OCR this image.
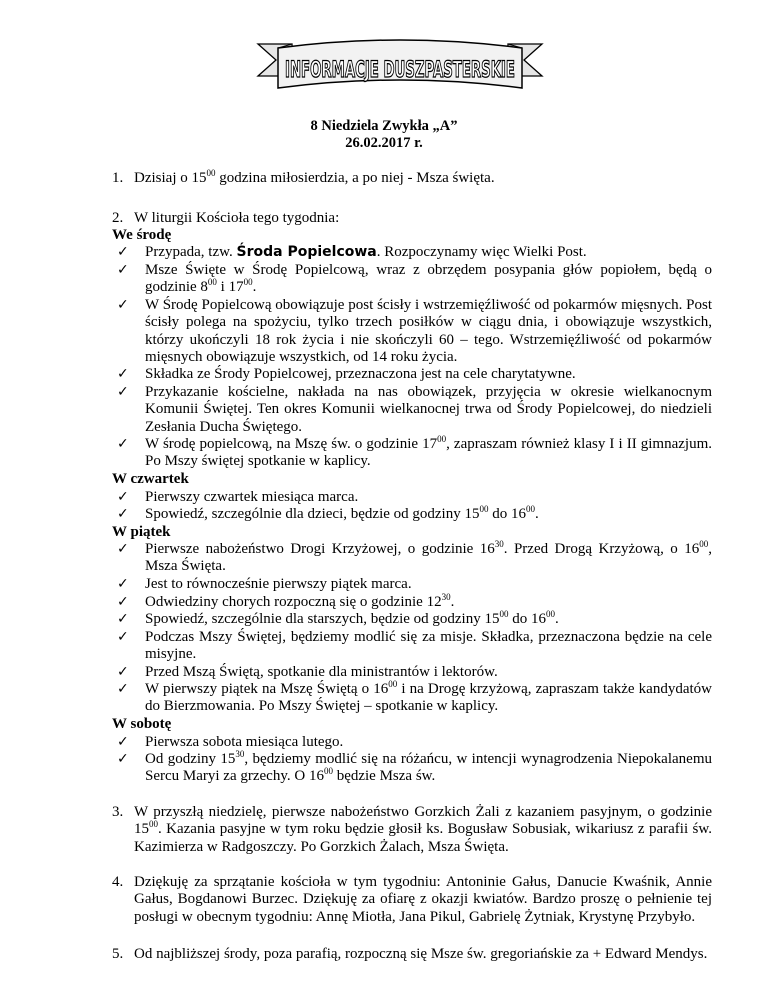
INFORMACJE DUSZPASTERSKIE
8 Niedziela Zwykła „A”
26.02.2017 r.
1. Dzisiaj o $15^{00}$ godzina miłosierdzia, a po niej - Msza święta.
2. W liturgii Kościoła tego tygodnia:
We środę
✓ Przypada, tzw. Środa Popielcowa. Rozpoczynamy więc Wielki Post.
✓ Msze Święte w Środę Popielcową, wraz z obrzędem posypania głów popiołem, będą o godzinie $8^{00}$ i $17^{00}$.
✓ W Środę Popielcową obowiązuje post ścisły i wstrzemięźliwość od pokarmów mięsnych. Post ścisły polega na spożyciu, tylko trzech posiłków w ciągu dnia, i obowiązuje wszystkich, którzy ukończyli 18 rok życia i nie skończyli 60 – tego. Wstrzemięźliwość od pokarmów mięsnych obowiązuje wszystkich, od 14 roku życia.
✓ Składka ze Środy Popielcowej, przeznaczona jest na cele charytatywne.
✓ Przykazanie kościelne, nakłada na nas obowiązek, przyjęcia w okresie wielkanocnym Komunii Świętej. Ten okres Komunii wielkanocnej trwa od Środy Popielcowej, do niedzieli Zesłania Ducha Świętego.
✓ W środę popielcową, na Mszę św. o godzinie $17^{00}$, zapraszam również klasy I i II gimnazjum. Po Mszy świętej spotkanie w kaplicy.
W czwartek
✓ Pierwszy czwartek miesiąca marca.
✓ Spowiedź, szczególnie dla dzieci, będzie od godziny $15^{00}$ do $16^{00}$.
W piątek
✓ Pierwsze nabożeństwo Drogi Krzyżowej, o godzinie $16^{30}$. Przed Drogą Krzyżową, o $16^{00}$, Msza Święta.
✓ Jest to równocześnie pierwszy piątek marca.
✓ Odwiedziny chorych rozpoczną się o godzinie $12^{30}$.
✓ Spowiedź, szczególnie dla starszych, będzie od godziny $15^{00}$ do $16^{00}$.
✓ Podczas Mszy Świętej, będziemy modlić się za misje. Składka, przeznaczona będzie na cele misyjne.
✓ Przed Mszą Świętą, spotkanie dla ministrantów i lektorów.
✓ W pierwszy piątek na Mszę Świętą o $16^{00}$ i na Drogę krzyżową, zapraszam także kandydatów do Bierzmowania. Po Mszy Świętej – spotkanie w kaplicy.
W sobotę
✓ Pierwsza sobota miesiąca lutego.
✓ Od godziny $15^{30}$, będziemy modlić się na różańcu, w intencji wynagrodzenia Niepokalanemu Sercu Maryi za grzechy. O $16^{00}$ będzie Msza św.
3. W przyszłą niedzielę, pierwsze nabożeństwo Gorzkich Żali z kazaniem pasyjnym, o godzinie $15^{00}$. Kazania pasyjne w tym roku będzie głosił ks. Bogusław Sobusiak, wikariusz z parafii św. Kazimierza w Radgoszczy. Po Gorzkich Żalach, Msza Święta.
4. Dziękuję za sprzątanie kościoła w tym tygodniu: Antoninie Gałus, Danucie Kwaśnik, Annie Gałus, Bogdanowi Burzec. Dziękuję za ofiarę z okazji kwiatów. Bardzo proszę o pełnienie tej posługi w obecnym tygodniu: Annę Miotła, Jana Pikul, Gabrielę Żytniak, Krystynę Przybyło.
5. Od najbliższej środy, poza parafią, rozpoczną się Msze św. gregoriańskie za + Edward Mendys.
